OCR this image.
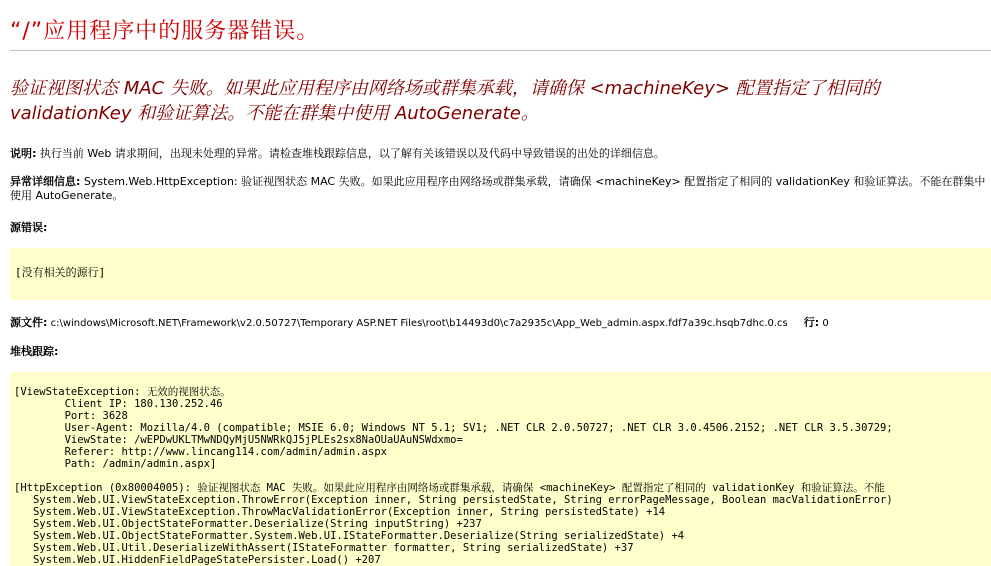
“/”应用程序中的服务器错误。
验证视图状态 MAC 失败。如果此应用程序由网络场或群集承载，请确保 <machineKey> 配置指定了相同的 validationKey 和验证算法。不能在群集中使用 AutoGenerate。
说明: 执行当前 Web 请求期间，出现未处理的异常。请检查堆栈跟踪信息，以了解有关该错误以及代码中导致错误的出处的详细信息。
异常详细信息: System.Web.HttpException: 验证视图状态 MAC 失败。如果此应用程序由网络场或群集承载，请确保 <machineKey> 配置指定了相同的 validationKey 和验证算法。不能在群集中使用 AutoGenerate。
源错误:
[没有相关的源行]
源文件: c:\windows\Microsoft.NET\Framework\v2.0.50727\Temporary ASP.NET Files\root\b14493d0\c7a2935c\App_Web_admin.aspx.fdf7a39c.hsqb7dhc.0.cs 行: 0
堆栈跟踪:
[ViewStateException: 无效的视图状态。
Client IP: 180.130.252.46
Port: 3628
User-Agent: Mozilla/4.0 (compatible; MSIE 6.0; Windows NT 5.1; SV1; .NET CLR 2.0.50727; .NET CLR 3.0.4506.2152; .NET CLR 3.5.30729;
ViewState: /wEPDwUKLTMwNDQyMjU5NWRkQJ5jPLEs2sx8NaOUaUAuNSWdxmo=
Referer: http://www.lincang114.com/admin/admin.aspx
Path: /admin/admin.aspx]

[HttpException (0x80004005): 验证视图状态 MAC 失败。如果此应用程序由网络场或群集承载，请确保 <machineKey> 配置指定了相同的 validationKey 和验证算法。不能
System.Web.UI.ViewStateException.ThrowError(Exception inner, String persistedState, String errorPageMessage, Boolean macValidationError)
System.Web.UI.ViewStateException.ThrowMacValidationError(Exception inner, String persistedState) +14
System.Web.UI.ObjectStateFormatter.Deserialize(String inputString) +237
System.Web.UI.ObjectStateFormatter.System.Web.UI.IStateFormatter.Deserialize(String serializedState) +4
System.Web.UI.Util.DeserializeWithAssert(IStateFormatter formatter, String serializedState) +37
System.Web.UI.HiddenFieldPageStatePersister.Load() +207
